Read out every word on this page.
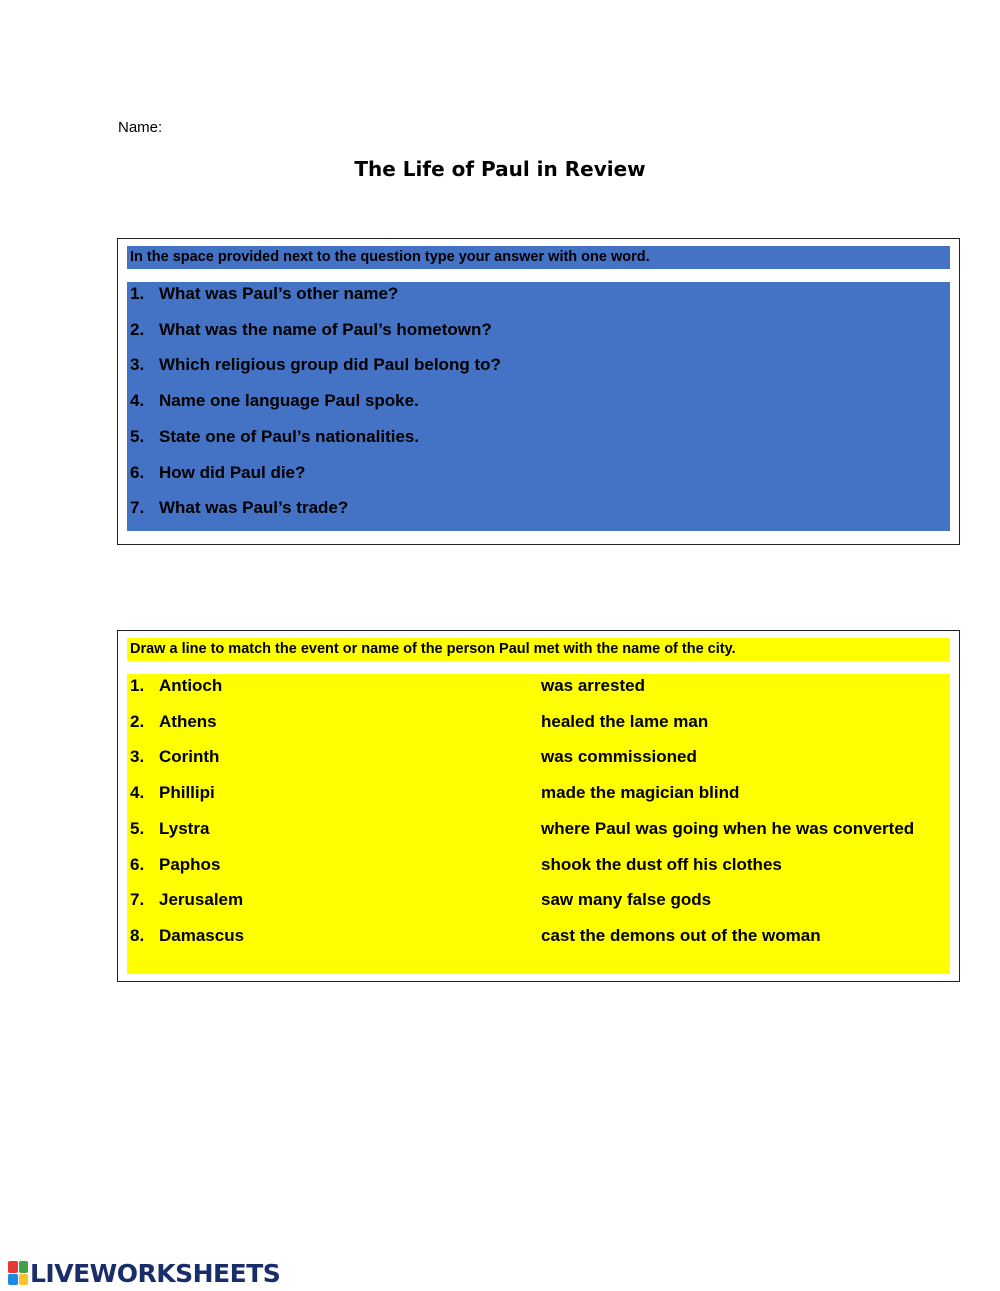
Name:
The Life of Paul in Review
In the space provided next to the question type your answer with one word.
1. What was Paul’s other name?
2. What was the name of Paul’s hometown?
3. Which religious group did Paul belong to?
4. Name one language Paul spoke.
5. State one of Paul’s nationalities.
6. How did Paul die?
7. What was Paul’s trade?
Draw a line to match the event or name of the person Paul met with the name of the city.
1. Antioch	was arrested
2. Athens	healed the lame man
3. Corinth	was commissioned
4. Phillipi	made the magician blind
5. Lystra	where Paul was going when he was converted
6. Paphos	shook the dust off his clothes
7. Jerusalem	saw many false gods
8. Damascus	cast the demons out of the woman
LIVEWORKSHEETS
